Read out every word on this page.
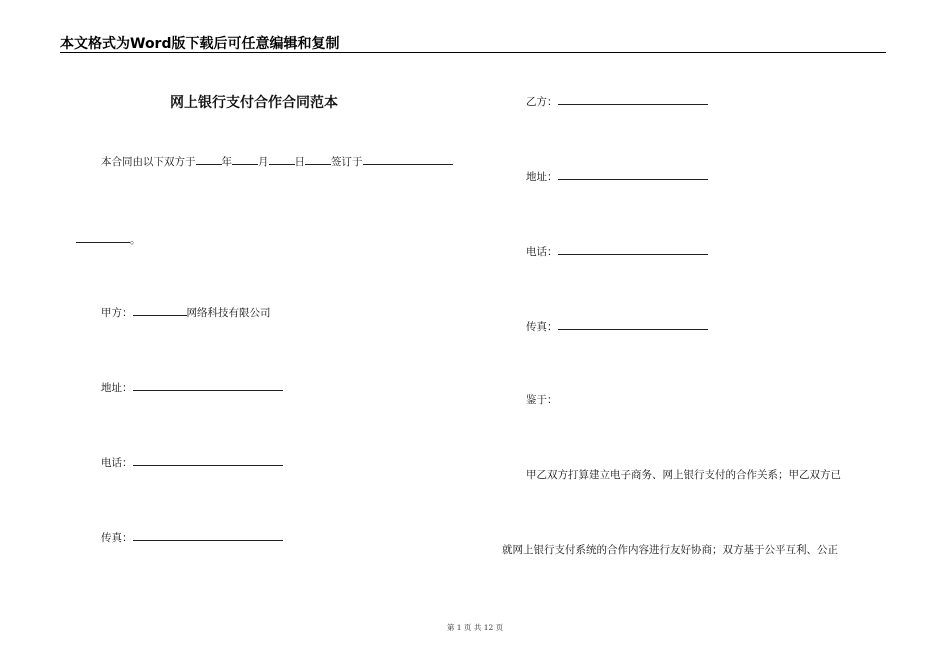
本文格式为Word版下载后可任意编辑和复制
网上银行支付合作合同范本
本合同由以下双方于 年 月 日 签订于
。
甲方：	网络科技有限公司
地址：
电话：
传真：
乙方：
地址：
电话：
传真：
鉴于：
甲乙双方打算建立电子商务、网上银行支付的合作关系；甲乙双方已
就网上银行支付系统的合作内容进行友好协商；双方基于公平互利、公正
第 1 页 共 12 页
